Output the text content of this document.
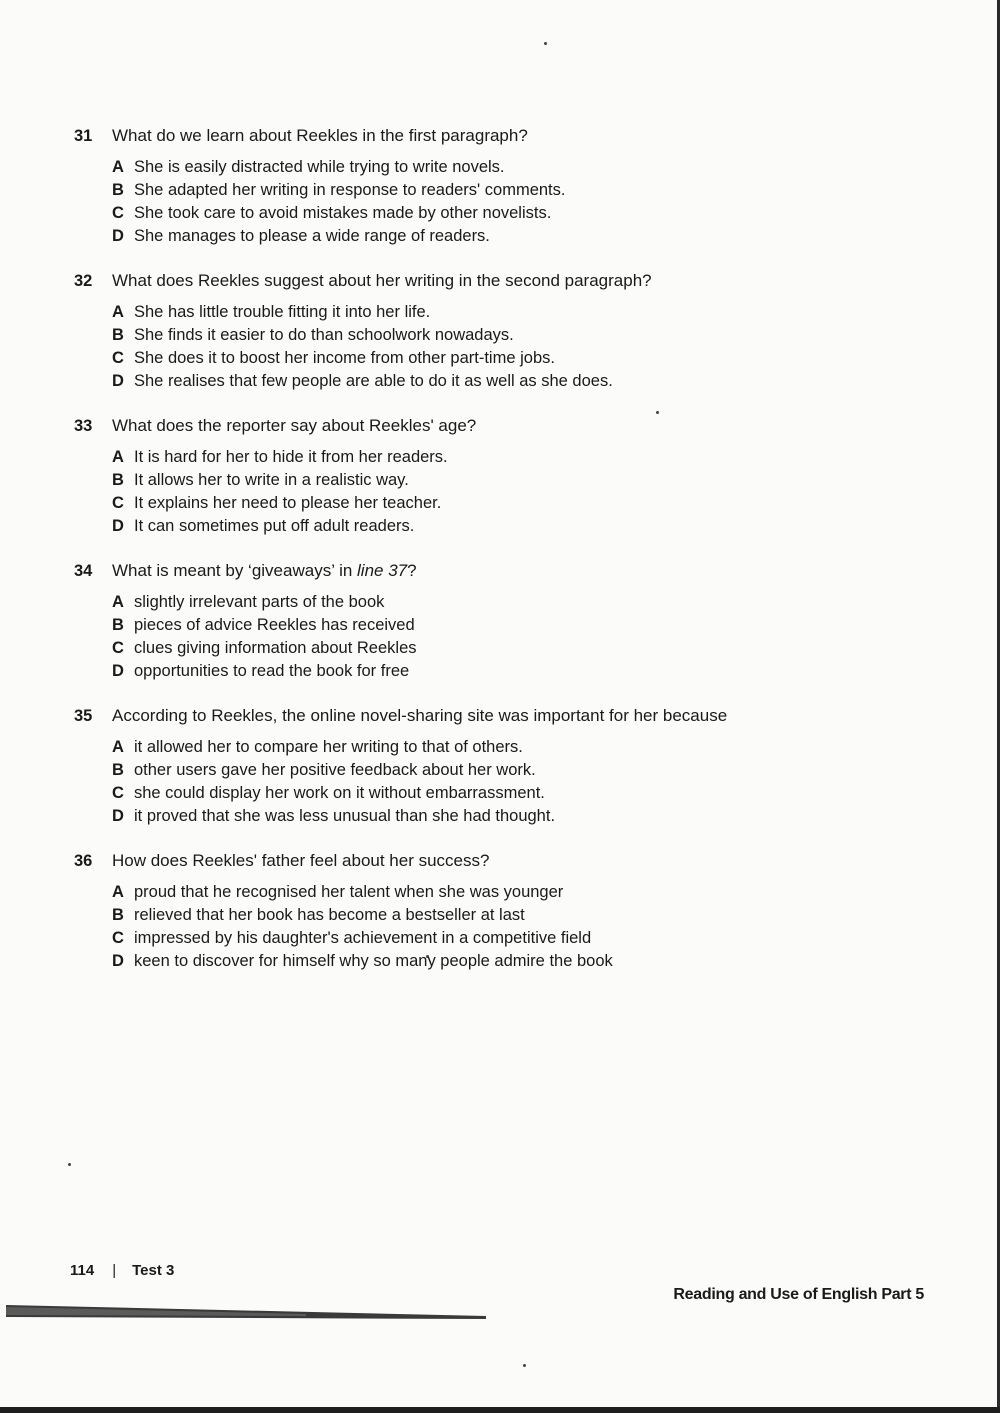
31	What do we learn about Reekles in the first paragraph?
A She is easily distracted while trying to write novels.
B She adapted her writing in response to readers' comments.
C She took care to avoid mistakes made by other novelists.
D She manages to please a wide range of readers.
32	What does Reekles suggest about her writing in the second paragraph?
A She has little trouble fitting it into her life.
B She finds it easier to do than schoolwork nowadays.
C She does it to boost her income from other part-time jobs.
D She realises that few people are able to do it as well as she does.
33	What does the reporter say about Reekles' age?
A It is hard for her to hide it from her readers.
B It allows her to write in a realistic way.
C It explains her need to please her teacher.
D It can sometimes put off adult readers.
34	What is meant by ‘giveaways’ in line 37?
A slightly irrelevant parts of the book
B pieces of advice Reekles has received
C clues giving information about Reekles
D opportunities to read the book for free
35	According to Reekles, the online novel-sharing site was important for her because
A it allowed her to compare her writing to that of others.
B other users gave her positive feedback about her work.
C she could display her work on it without embarrassment.
D it proved that she was less unusual than she had thought.
36	How does Reekles' father feel about her success?
A proud that he recognised her talent when she was younger
B relieved that her book has become a bestseller at last
C impressed by his daughter's achievement in a competitive field
D keen to discover for himself why so many people admire the book
114 | Test 3
Reading and Use of English Part 5
